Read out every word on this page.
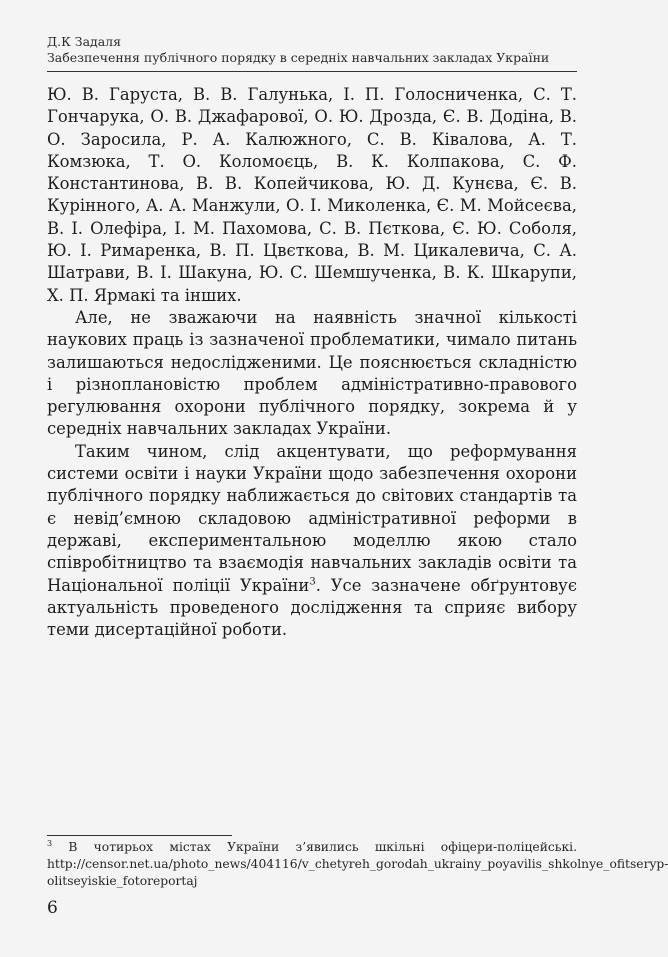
Д.К Задаля
Забезпечення публічного порядку в середніх навчальних закладах України

Ю. В. Гаруста, В. В. Галунька, І. П. Голосниченка, С. Т. Гончарука, О. В. Джафарової, О. Ю. Дрозда, Є. В. Додіна, В. О. Заросила, Р. А. Калюжного, С. В. Ківалова, А. Т. Комзюка, Т. О. Коломоєць, В. К. Колпакова, С. Ф. Константинова, В. В. Копейчикова, Ю. Д. Кунєва, Є. В. Курінного, А. А. Манжули, О. І. Миколенка, Є. М. Мойсеєва, В. І. Олефіра, І. М. Пахомова, С. В. Пєткова, Є. Ю. Соболя, Ю. І. Римаренка, В. П. Цвєткова, В. М. Цикалевича, С. А. Шатрави, В. І. Шакуна, Ю. С. Шемшученка, В. К. Шкарупи, Х. П. Ярмакі та інших.

Але, не зважаючи на наявність значної кількості наукових праць із зазначеної проблематики, чимало питань залишаються недослідженими. Це пояснюється складністю і різноплановістю проблем адміністративно-правового регулювання охорони публічного порядку, зокрема й у середніх навчальних закладах України.

Таким чином, слід акцентувати, що реформування системи освіти і науки України щодо забезпечення охорони публічного порядку наближається до світових стандартів та є невід’ємною складовою адміністративної реформи в державі, експериментальною моделлю якою стало співробітництво та взаємодія навчальних закладів освіти та Національної поліції України$^3$. Усе зазначене обґрунтовує актуальність проведеного дослідження та сприяє вибору теми дисертаційної роботи.

$^3$ В чотирьох містах України з’явились шкільні офіцери-поліцейські. http://censor.net.ua/photo_news/404116/v_chetyreh_gorodah_ukrainy_poyavilis_shkolnye_ofitseryp litseyiskie_fotoreportaj
6
